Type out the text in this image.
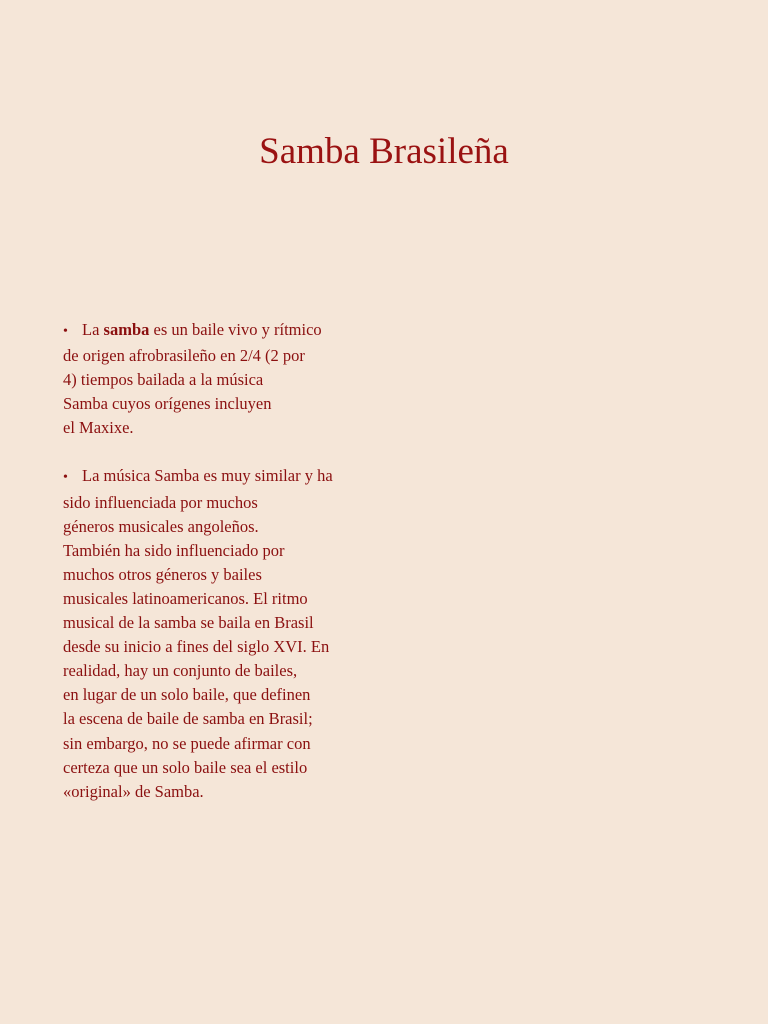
Samba Brasileña

• La samba es un baile vivo y rítmico
de origen afrobrasileño en 2/4 (2 por
4) tiempos bailada a la música
Samba cuyos orígenes incluyen
el Maxixe.

• La música Samba es muy similar y ha
sido influenciada por muchos
géneros musicales angoleños.
También ha sido influenciado por
muchos otros géneros y bailes
musicales latinoamericanos. El ritmo
musical de la samba se baila en Brasil
desde su inicio a fines del siglo XVI. En
realidad, hay un conjunto de bailes,
en lugar de un solo baile, que definen
la escena de baile de samba en Brasil;
sin embargo, no se puede afirmar con
certeza que un solo baile sea el estilo
«original» de Samba.
